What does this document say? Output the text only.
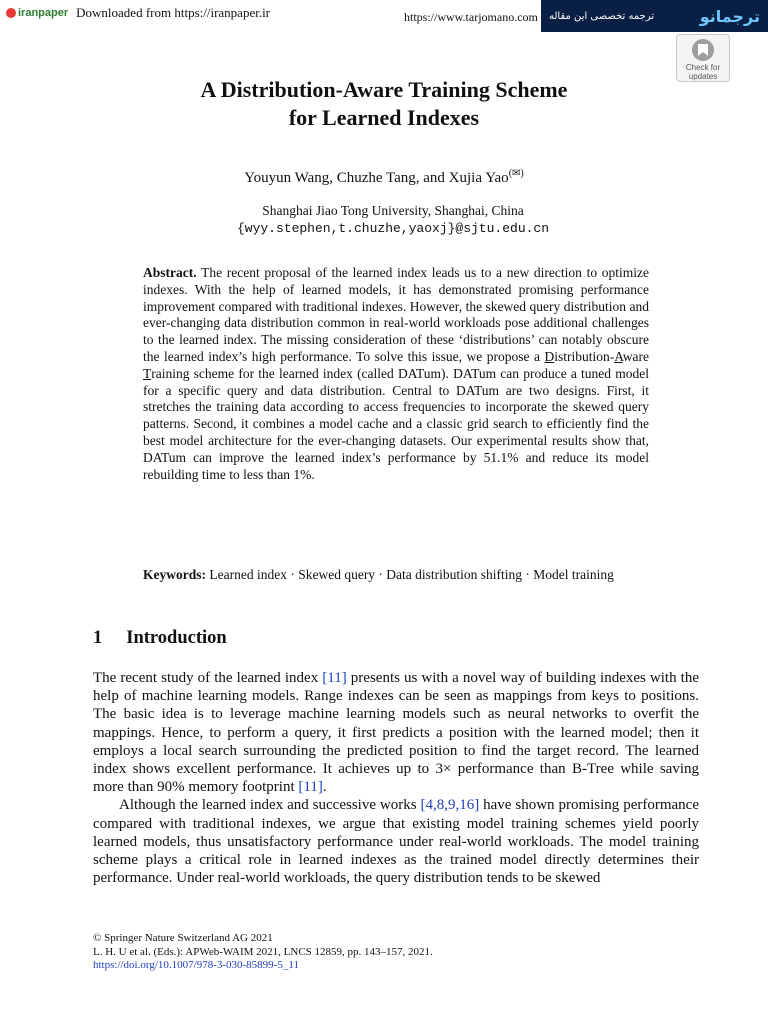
iranpaper Downloaded from https://iranpaper.ir	https://www.tarjomano.com ترجمه تخصصی این مقاله	ترجمانو
Check for updates
A Distribution-Aware Training Scheme
for Learned Indexes
Youyun Wang, Chuzhe Tang, and Xujia Yao(✉)
Shanghai Jiao Tong University, Shanghai, China
{wyy.stephen,t.chuzhe,yaoxj}@sjtu.edu.cn
Abstract. The recent proposal of the learned index leads us to a new direction to optimize indexes. With the help of learned models, it has demonstrated promising performance improvement compared with traditional indexes. However, the skewed query distribution and ever-changing data distribution common in real-world workloads pose additional challenges to the learned index. The missing consideration of these ‘distributions’ can notably obscure the learned index’s high performance. To solve this issue, we propose a Distribution-Aware Training scheme for the learned index (called DATum). DATum can produce a tuned model for a specific query and data distribution. Central to DATum are two designs. First, it stretches the training data according to access frequencies to incorporate the skewed query patterns. Second, it combines a model cache and a classic grid search to efficiently find the best model architecture for the ever-changing datasets. Our experimental results show that, DATum can improve the learned index’s performance by 51.1% and reduce its model rebuilding time to less than 1%.
Keywords: Learned index · Skewed query · Data distribution shifting · Model training
1 Introduction

The recent study of the learned index [11] presents us with a novel way of building indexes with the help of machine learning models. Range indexes can be seen as mappings from keys to positions. The basic idea is to leverage machine learning models such as neural networks to overfit the mappings. Hence, to perform a query, it first predicts a position with the learned model; then it employs a local search surrounding the predicted position to find the target record. The learned index shows excellent performance. It achieves up to 3× performance than B-Tree while saving more than 90% memory footprint [11].

Although the learned index and successive works [4,8,9,16] have shown promising performance compared with traditional indexes, we argue that existing model training schemes yield poorly learned models, thus unsatisfactory performance under real-world workloads. The model training scheme plays a critical role in learned indexes as the trained model directly determines their performance. Under real-world workloads, the query distribution tends to be skewed

© Springer Nature Switzerland AG 2021
L. H. U et al. (Eds.): APWeb-WAIM 2021, LNCS 12859, pp. 143–157, 2021.
https://doi.org/10.1007/978-3-030-85899-5_11
